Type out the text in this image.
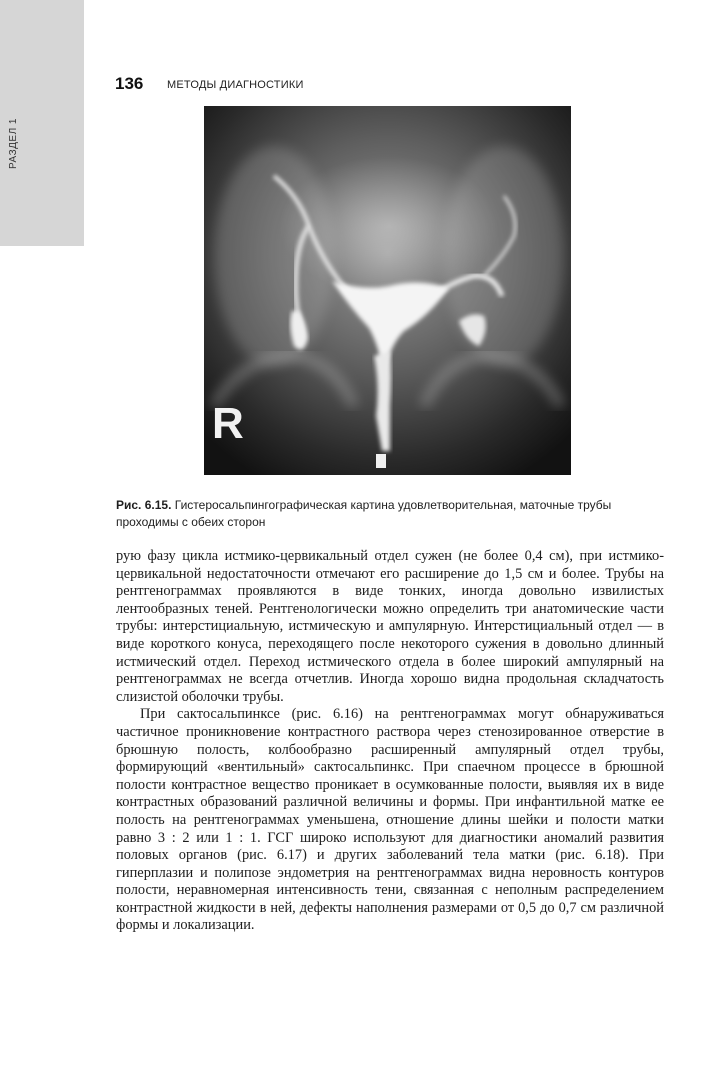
РАЗДЕЛ 1
136 МЕТОДЫ ДИАГНОСТИКИ
R
Рис. 6.15. Гистеросальпингографическая картина удовлетворительная, маточные трубы проходимы с обеих сторон

рую фазу цикла истмико-цервикальный отдел сужен (не более 0,4 см), при истмико-цервикальной недостаточности отмечают его расширение до 1,5 см и более. Трубы на рентгенограммах проявляются в виде тонких, иногда довольно извилистых лентообразных теней. Рентгенологически можно определить три анатомические части трубы: интерстициальную, истмическую и ампулярную. Интерстициальный отдел — в виде короткого конуса, переходящего после некоторого сужения в довольно длинный истмический отдел. Переход истмического отдела в более широкий ампулярный на рентгенограммах не всегда отчетлив. Иногда хорошо видна продольная складчатость слизистой оболочки трубы.

При сактосальпинксе (рис. 6.16) на рентгенограммах могут обнаруживаться частичное проникновение контрастного раствора через стенозированное отверстие в брюшную полость, колбообразно расширенный ампулярный отдел трубы, формирующий «вентильный» сактосальпинкс. При спаечном процессе в брюшной полости контрастное вещество проникает в осумкованные полости, выявляя их в виде контрастных образований различной величины и формы. При инфантильной матке ее полость на рентгенограммах уменьшена, отношение длины шейки и полости матки равно 3 : 2 или 1 : 1. ГСГ широко используют для диагностики аномалий развития половых органов (рис. 6.17) и других заболеваний тела матки (рис. 6.18). При гиперплазии и полипозе эндометрия на рентгенограммах видна неровность контуров полости, неравномерная интенсивность тени, связанная с неполным распределением контрастной жидкости в ней, дефекты наполнения размерами от 0,5 до 0,7 см различной формы и локализации.
